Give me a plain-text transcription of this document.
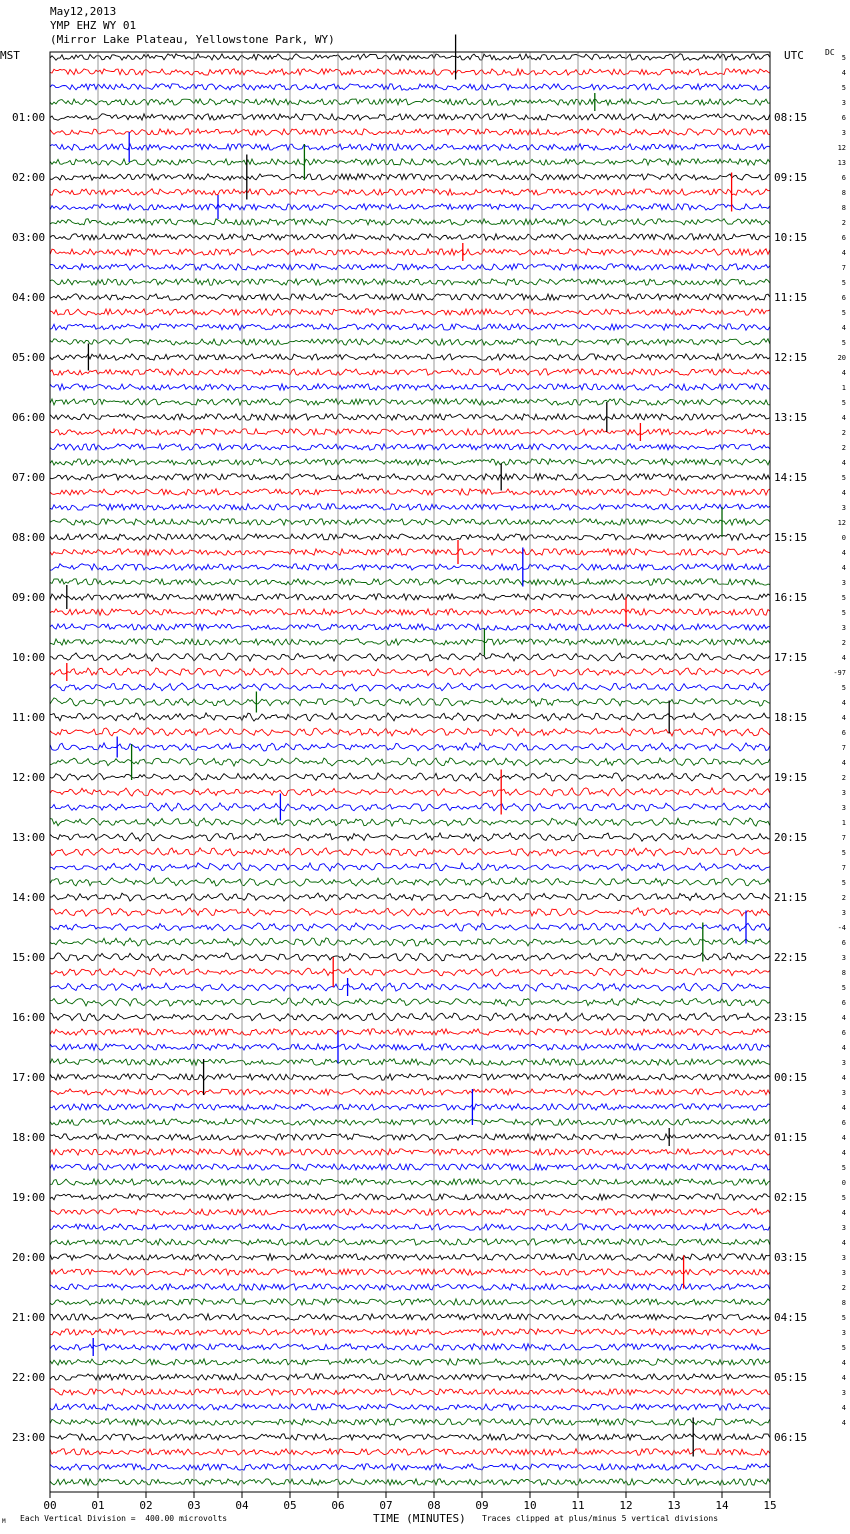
01:00
02:00
03:00
04:00
05:00
06:00
07:00
08:00
09:00
10:00
11:00
12:00
13:00
14:00
15:00
16:00
17:00
18:00
19:00
20:00
21:00
22:00
23:00
08:15
09:15
10:15
11:15
12:15
13:15
14:15
15:15
16:15
17:15
18:15
19:15
20:15
21:15
22:15
23:15
00:15
01:15
02:15
03:15
04:15
05:15
06:15
5
4
5
3
6
3
12
13
6
8
8
2
6
4
7
5
6
5
4
5
20
4
1
5
4
2
2
4
5
4
3
12
0
4
4
3
5
5
3
2
4
-97
5
4
4
6
7
4
2
3
3
1
7
5
7
5
2
3
-4
6
3
8
5
6
4
6
4
3
4
3
4
6
4
4
5
0
5
4
3
4
3
3
2
8
5
3
5
4
4
3
4
4
00	01	02	03	04	05	06	07	08	09	10	11	12	13	14	15
May12,2013
YMP EHZ WY 01
(Mirror Lake Plateau, Yellowstone Park, WY)
MST	UTC	DC
TIME (MINUTES)
M Each Vertical Division =  400.00 microvolts	Traces clipped at plus/minus 5 vertical divisions
